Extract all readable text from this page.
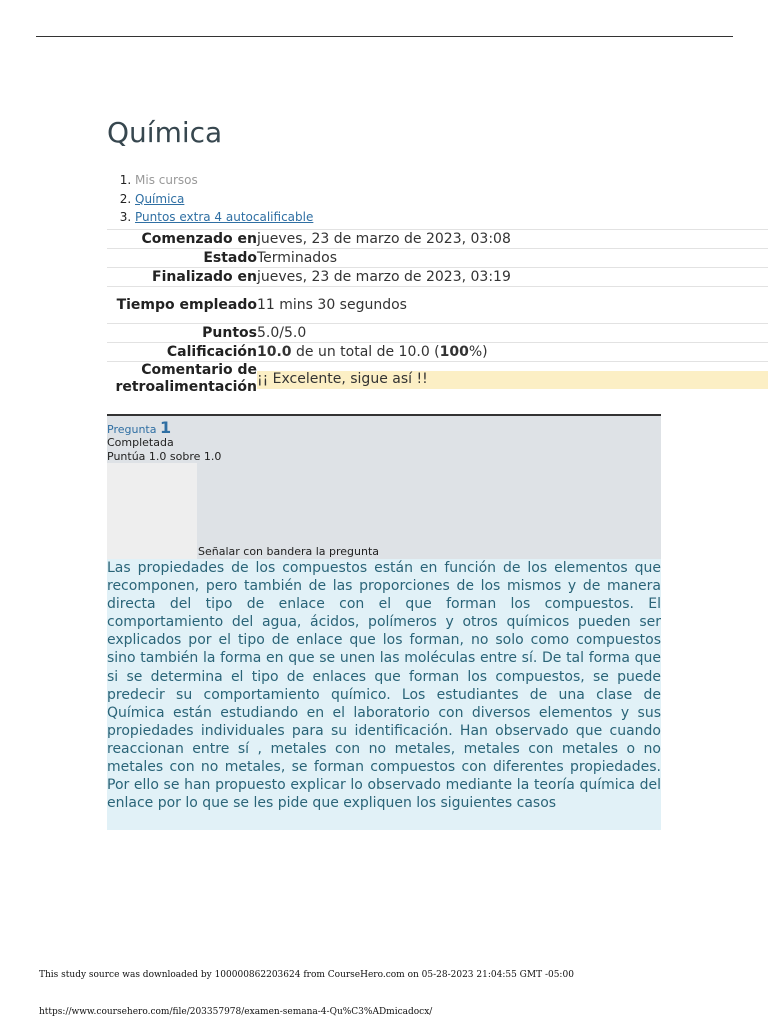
Química
1. Mis cursos
2. Química
3. Puntos extra 4 autocalificable
Comenzado en	jueves, 23 de marzo de 2023, 03:08
Estado	Terminados
Finalizado en	jueves, 23 de marzo de 2023, 03:19
Tiempo empleado	11 mins 30 segundos
Puntos	5.0/5.0
Calificación	10.0 de un total de 10.0 (100%)
Comentario de retroalimentación	¡¡ Excelente, sigue así !!
Pregunta 1
Completada
Puntúa 1.0 sobre 1.0
Señalar con bandera la pregunta

Las propiedades de los compuestos están en función de los elementos que recomponen, pero también de las proporciones de los mismos y de manera directa del tipo de enlace con el que forman los compuestos. El comportamiento del agua, ácidos, polímeros y otros químicos pueden ser explicados por el tipo de enlace que los forman, no solo como compuestos sino también la forma en que se unen las moléculas entre sí. De tal forma que si se determina el tipo de enlaces que forman los compuestos, se puede predecir su comportamiento químico. Los estudiantes de una clase de Química están estudiando en el laboratorio con diversos elementos y sus propiedades individuales para su identificación. Han observado que cuando reaccionan entre sí , metales con no metales, metales con metales o no metales con no metales, se forman compuestos con diferentes propiedades. Por ello se han propuesto explicar lo observado mediante la teoría química del enlace por lo que se les pide que expliquen los siguientes casos

This study source was downloaded by 100000862203624 from CourseHero.com on 05-28-2023 21:04:55 GMT -05:00
https://www.coursehero.com/file/203357978/examen-semana-4-Qu%C3%ADmicadocx/
